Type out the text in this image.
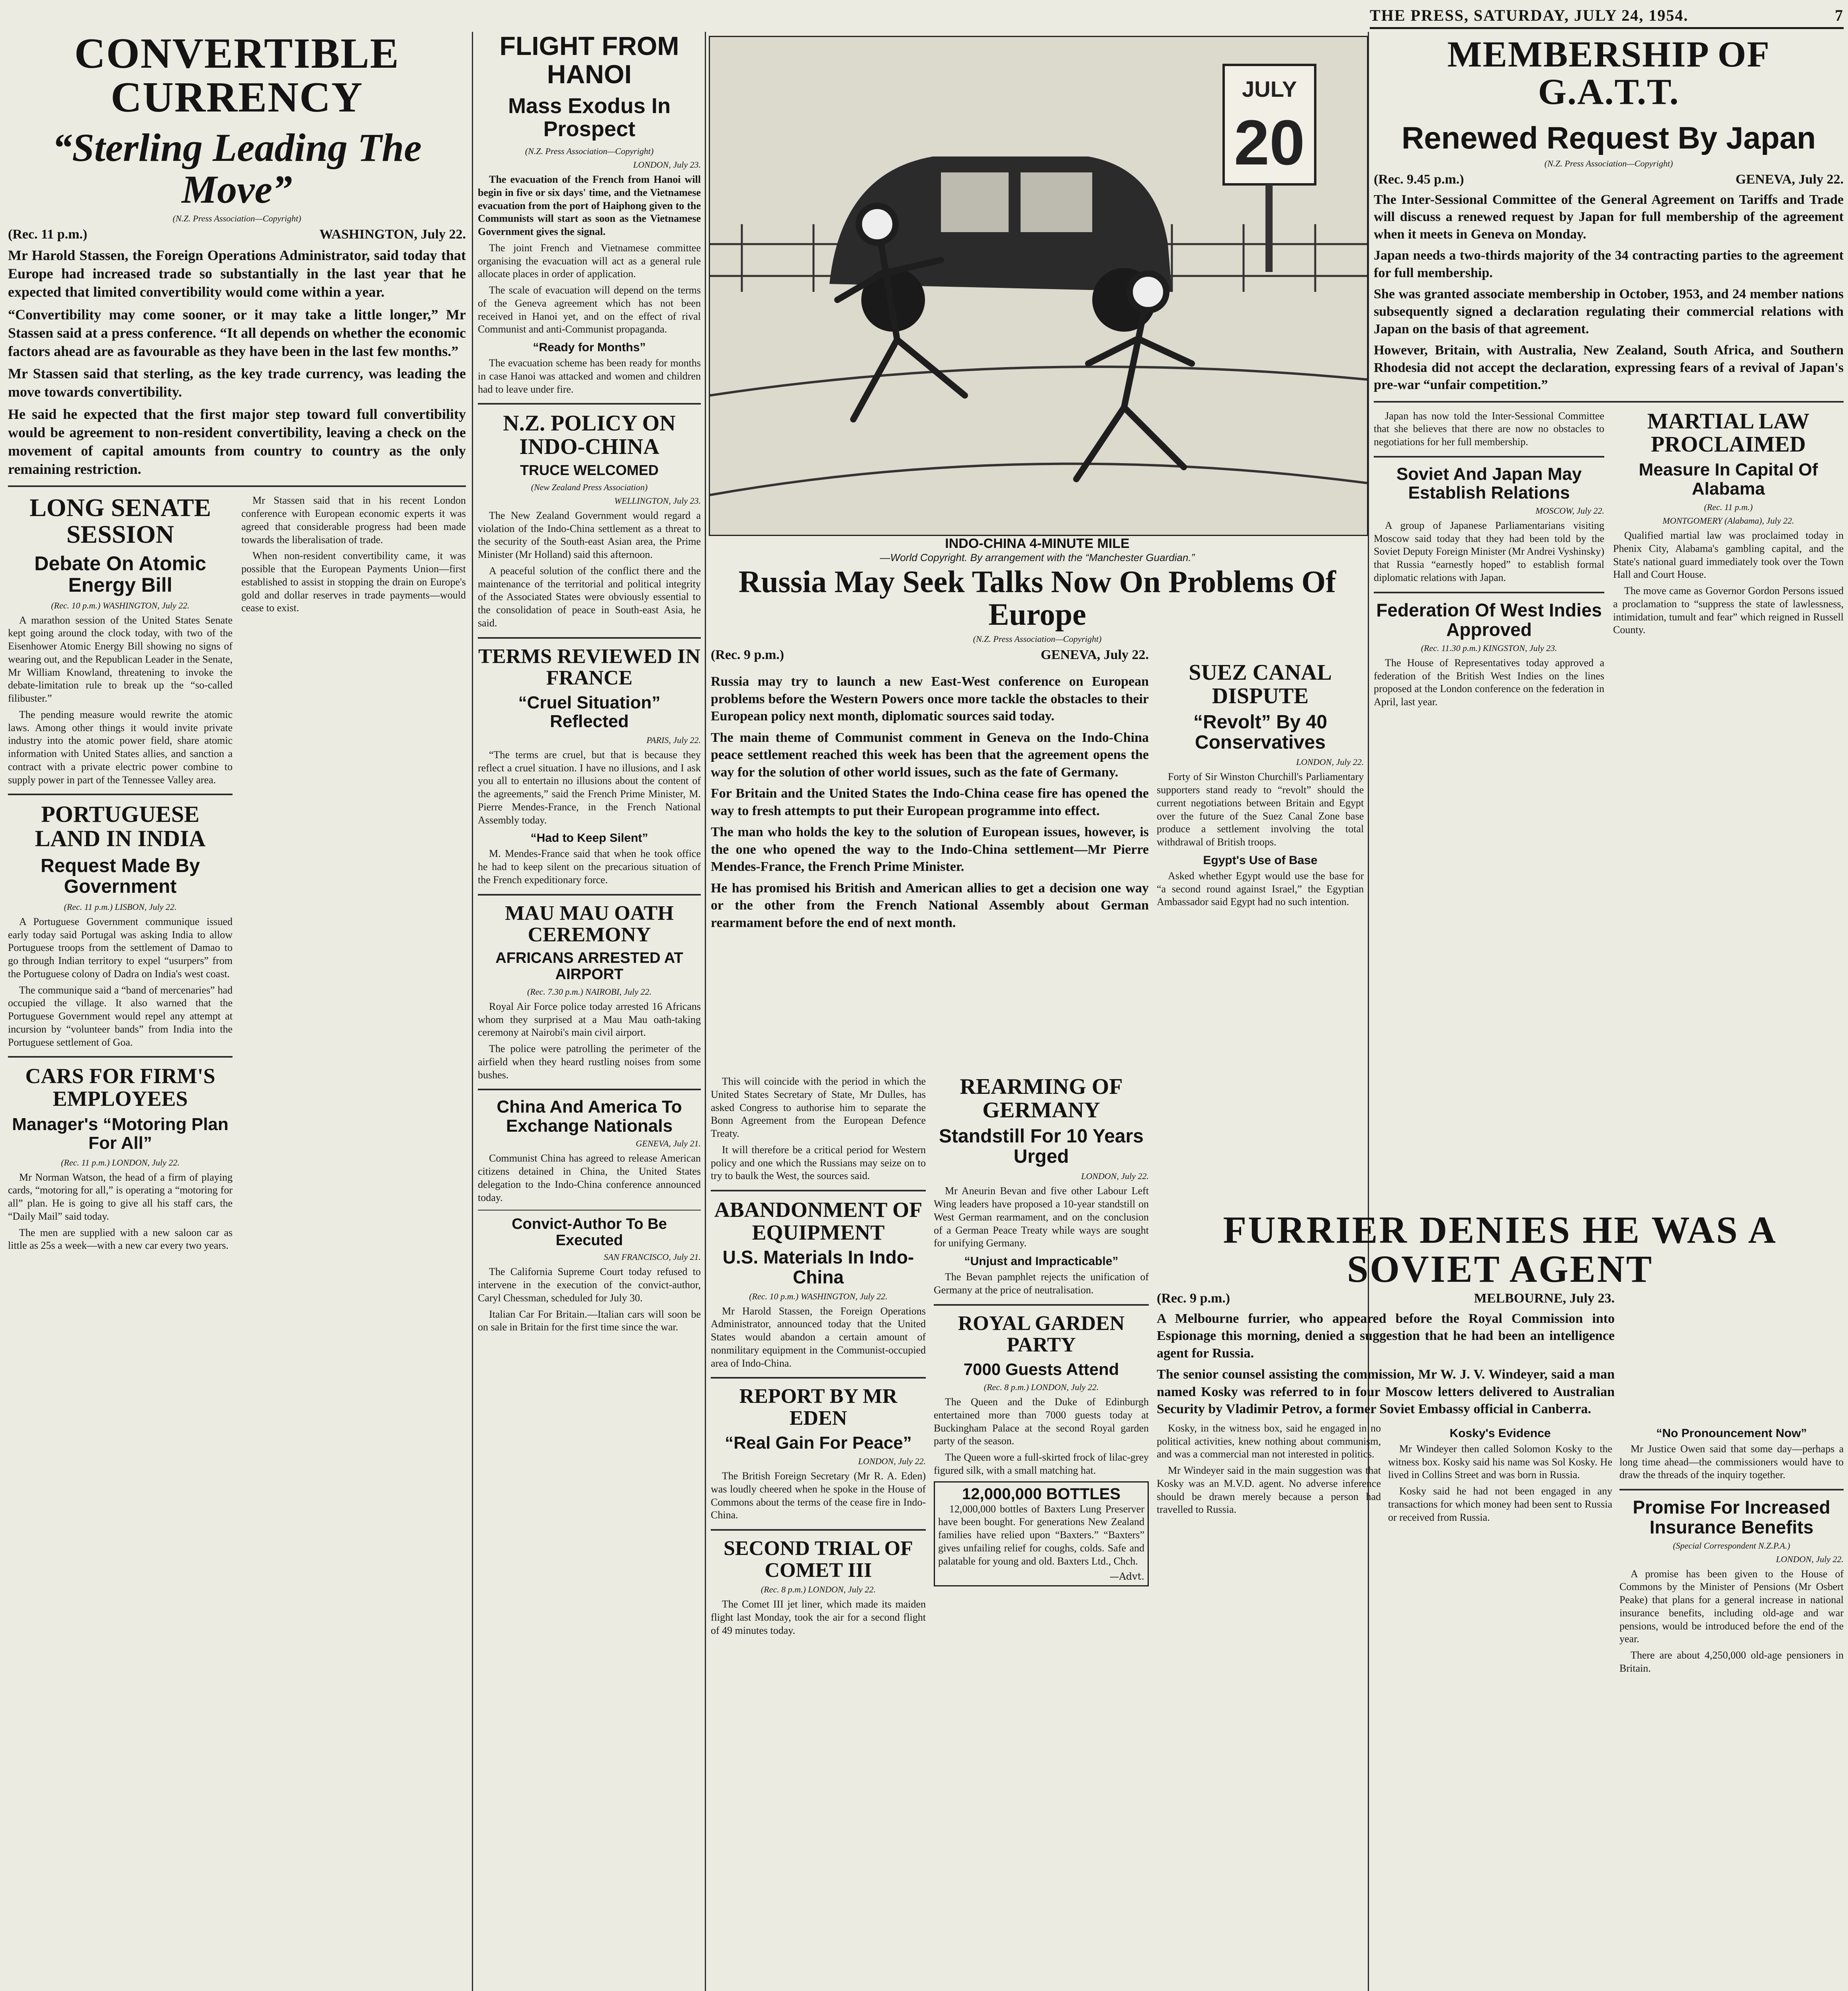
THE PRESS, SATURDAY, JULY 24, 1954.	7
CONVERTIBLE CURRENCY
“Sterling Leading The Move”
(N.Z. Press Association—Copyright)
(Rec. 11 p.m.)	WASHINGTON, July 22.

Mr Harold Stassen, the Foreign Operations Administrator, said today that Europe had increased trade so substantially in the last year that he expected that limited convertibility would come within a year.

“Convertibility may come sooner, or it may take a little longer,” Mr Stassen said at a press conference. “It all depends on whether the economic factors ahead are as favourable as they have been in the last few months.”

Mr Stassen said that sterling, as the key trade currency, was leading the move towards convertibility.

He said he expected that the first major step toward full convertibility would be agreement to non-resident convertibility, leaving a check on the movement of capital amounts from country to country as the only remaining restriction.

LONG SENATE SESSION
Debate On Atomic Energy Bill
(Rec. 10 p.m.) WASHINGTON, July 22.

A marathon session of the United States Senate kept going around the clock today, with two of the Eisenhower Atomic Energy Bill showing no signs of wearing out, and the Republican Leader in the Senate, Mr William Knowland, threatening to invoke the debate-limitation rule to break up the “so-called filibuster.”

The pending measure would rewrite the atomic laws. Among other things it would invite private industry into the atomic power field, share atomic information with United States allies, and sanction a contract with a private electric power combine to supply power in part of the Tennessee Valley area.

PORTUGUESE LAND IN INDIA
Request Made By Government
(Rec. 11 p.m.) LISBON, July 22.

A Portuguese Government communique issued early today said Portugal was asking India to allow Portuguese troops from the settlement of Damao to go through Indian territory to expel “usurpers” from the Portuguese colony of Dadra on India's west coast.

The communique said a “band of mercenaries” had occupied the village. It also warned that the Portuguese Government would repel any attempt at incursion by “volunteer bands” from India into the Portuguese settlement of Goa.

CARS FOR FIRM'S EMPLOYEES
Manager's “Motoring Plan For All”
(Rec. 11 p.m.) LONDON, July 22.

Mr Norman Watson, the head of a firm of playing cards, “motoring for all,” is operating a “motoring for all” plan. He is going to give all his staff cars, the “Daily Mail” said today.

The men are supplied with a new saloon car as little as 25s a week—with a new car every two years.

Mr Stassen said that in his recent London conference with European economic experts it was agreed that considerable progress had been made towards the liberalisation of trade.

When non-resident convertibility came, it was possible that the European Payments Union—first established to assist in stopping the drain on Europe's gold and dollar reserves in trade payments—would cease to exist.

FLIGHT FROM HANOI
Mass Exodus In Prospect
(N.Z. Press Association—Copyright)
LONDON, July 23.

The evacuation of the French from Hanoi will begin in five or six days' time, and the Vietnamese evacuation from the port of Haiphong given to the Communists will start as soon as the Vietnamese Government gives the signal.

The joint French and Vietnamese committee organising the evacuation will act as a general rule allocate places in order of application.

The scale of evacuation will depend on the terms of the Geneva agreement which has not been received in Hanoi yet, and on the effect of rival Communist and anti-Communist propaganda.

“Ready for Months”

The evacuation scheme has been ready for months in case Hanoi was attacked and women and children had to leave under fire.

N.Z. POLICY ON INDO-CHINA
TRUCE WELCOMED
(New Zealand Press Association)
WELLINGTON, July 23.

The New Zealand Government would regard a violation of the Indo-China settlement as a threat to the security of the South-east Asian area, the Prime Minister (Mr Holland) said this afternoon.

A peaceful solution of the conflict there and the maintenance of the territorial and political integrity of the Associated States were obviously essential to the consolidation of peace in South-east Asia, he said.

TERMS REVIEWED IN FRANCE
“Cruel Situation” Reflected
PARIS, July 22.

“The terms are cruel, but that is because they reflect a cruel situation. I have no illusions, and I ask you all to entertain no illusions about the content of the agreements,” said the French Prime Minister, M. Pierre Mendes-France, in the French National Assembly today.

“Had to Keep Silent”

M. Mendes-France said that when he took office he had to keep silent on the precarious situation of the French expeditionary force.

MAU MAU OATH CEREMONY
AFRICANS ARRESTED AT AIRPORT
(Rec. 7.30 p.m.) NAIROBI, July 22.

Royal Air Force police today arrested 16 Africans whom they surprised at a Mau Mau oath-taking ceremony at Nairobi's main civil airport.

The police were patrolling the perimeter of the airfield when they heard rustling noises from some bushes.

China And America To Exchange Nationals
GENEVA, July 21.

Communist China has agreed to release American citizens detained in China, the United States delegation to the Indo-China conference announced today.

Convict-Author To Be Executed
SAN FRANCISCO, July 21.

The California Supreme Court today refused to intervene in the execution of the convict-author, Caryl Chessman, scheduled for July 30.

Italian Car For Britain.—Italian cars will soon be on sale in Britain for the first time since the war.

JULY
20
INDO-CHINA 4-MINUTE MILE
—World Copyright. By arrangement with the “Manchester Guardian.”
Russia May Seek Talks Now On Problems Of Europe
(N.Z. Press Association—Copyright)
(Rec. 9 p.m.)	GENEVA, July 22.

Russia may try to launch a new East-West conference on European problems before the Western Powers once more tackle the obstacles to their European policy next month, diplomatic sources said today.

The main theme of Communist comment in Geneva on the Indo-China peace settlement reached this week has been that the agreement opens the way for the solution of other world issues, such as the fate of Germany.

For Britain and the United States the Indo-China cease fire has opened the way to fresh attempts to put their European programme into effect.

The man who holds the key to the solution of European issues, however, is the one who opened the way to the Indo-China settlement—Mr Pierre Mendes-France, the French Prime Minister.

He has promised his British and American allies to get a decision one way or the other from the French National Assembly about German rearmament before the end of next month.

This will coincide with the period in which the United States Secretary of State, Mr Dulles, has asked Congress to authorise him to separate the Bonn Agreement from the European Defence Treaty.

It will therefore be a critical period for Western policy and one which the Russians may seize on to try to baulk the West, the sources said.

ABANDONMENT OF EQUIPMENT
U.S. Materials In Indo-China
(Rec. 10 p.m.) WASHINGTON, July 22.

Mr Harold Stassen, the Foreign Operations Administrator, announced today that the United States would abandon a certain amount of nonmilitary equipment in the Communist-occupied area of Indo-China.

REPORT BY MR EDEN
“Real Gain For Peace”
LONDON, July 22.

The British Foreign Secretary (Mr R. A. Eden) was loudly cheered when he spoke in the House of Commons about the terms of the cease fire in Indo-China.

SECOND TRIAL OF COMET III
(Rec. 8 p.m.) LONDON, July 22.

The Comet III jet liner, which made its maiden flight last Monday, took the air for a second flight of 49 minutes today.

REARMING OF GERMANY
Standstill For 10 Years Urged
LONDON, July 22.

Mr Aneurin Bevan and five other Labour Left Wing leaders have proposed a 10-year standstill on West German rearmament, and on the conclusion of a German Peace Treaty while ways are sought for unifying Germany.

“Unjust and Impracticable”

The Bevan pamphlet rejects the unification of Germany at the price of neutralisation.

ROYAL GARDEN PARTY
7000 Guests Attend
(Rec. 8 p.m.) LONDON, July 22.

The Queen and the Duke of Edinburgh entertained more than 7000 guests today at Buckingham Palace at the second Royal garden party of the season.

The Queen wore a full-skirted frock of lilac-grey figured silk, with a small matching hat.

12,000,000 BOTTLES

12,000,000 bottles of Baxters Lung Preserver have been bought. For generations New Zealand families have relied upon “Baxters.” “Baxters” gives unfailing relief for coughs, colds. Safe and palatable for young and old. Baxters Ltd., Chch.

—Advt.
SUEZ CANAL DISPUTE
“Revolt” By 40 Conservatives
LONDON, July 22.

Forty of Sir Winston Churchill's Parliamentary supporters stand ready to “revolt” should the current negotiations between Britain and Egypt over the future of the Suez Canal Zone base produce a settlement involving the total withdrawal of British troops.

Egypt's Use of Base

Asked whether Egypt would use the base for “a second round against Israel,” the Egyptian Ambassador said Egypt had no such intention.

MEMBERSHIP OF G.A.T.T.
Renewed Request By Japan
(N.Z. Press Association—Copyright)
(Rec. 9.45 p.m.)	GENEVA, July 22.

The Inter-Sessional Committee of the General Agreement on Tariffs and Trade will discuss a renewed request by Japan for full membership of the agreement when it meets in Geneva on Monday.

Japan needs a two-thirds majority of the 34 contracting parties to the agreement for full membership.

She was granted associate membership in October, 1953, and 24 member nations subsequently signed a declaration regulating their commercial relations with Japan on the basis of that agreement.

However, Britain, with Australia, New Zealand, South Africa, and Southern Rhodesia did not accept the declaration, expressing fears of a revival of Japan's pre-war “unfair competition.”

Japan has now told the Inter-Sessional Committee that she believes that there are now no obstacles to negotiations for her full membership.

Soviet And Japan May Establish Relations
MOSCOW, July 22.

A group of Japanese Parliamentarians visiting Moscow said today that they had been told by the Soviet Deputy Foreign Minister (Mr Andrei Vyshinsky) that Russia “earnestly hoped” to establish formal diplomatic relations with Japan.

Federation Of West Indies Approved
(Rec. 11.30 p.m.) KINGSTON, July 23.

The House of Representatives today approved a federation of the British West Indies on the lines proposed at the London conference on the federation in April, last year.

MARTIAL LAW PROCLAIMED
Measure In Capital Of Alabama
(Rec. 11 p.m.)
MONTGOMERY (Alabama), July 22.

Qualified martial law was proclaimed today in Phenix City, Alabama's gambling capital, and the State's national guard immediately took over the Town Hall and Court House.

The move came as Governor Gordon Persons issued a proclamation to “suppress the state of lawlessness, intimidation, tumult and fear” which reigned in Russell County.

FURRIER DENIES HE WAS A SOVIET AGENT
(Rec. 9 p.m.)	MELBOURNE, July 23.

A Melbourne furrier, who appeared before the Royal Commission into Espionage this morning, denied a suggestion that he had been an intelligence agent for Russia.

The senior counsel assisting the commission, Mr W. J. V. Windeyer, said a man named Kosky was referred to in four Moscow letters delivered to Australian Security by Vladimir Petrov, a former Soviet Embassy official in Canberra.

Kosky, in the witness box, said he engaged in no political activities, knew nothing about communism, and was a commercial man not interested in politics.

Mr Windeyer said in the main suggestion was that Kosky was an M.V.D. agent. No adverse inference should be drawn merely because a person had travelled to Russia.

Kosky's Evidence

Mr Windeyer then called Solomon Kosky to the witness box. Kosky said his name was Sol Kosky. He lived in Collins Street and was born in Russia.

Kosky said he had not been engaged in any transactions for which money had been sent to Russia or received from Russia.

“No Pronouncement Now”

Mr Justice Owen said that some day—perhaps a long time ahead—the commissioners would have to draw the threads of the inquiry together.

Promise For Increased Insurance Benefits
(Special Correspondent N.Z.P.A.)
LONDON, July 22.

A promise has been given to the House of Commons by the Minister of Pensions (Mr Osbert Peake) that plans for a general increase in national insurance benefits, including old-age and war pensions, would be introduced before the end of the year.

There are about 4,250,000 old-age pensioners in Britain.
